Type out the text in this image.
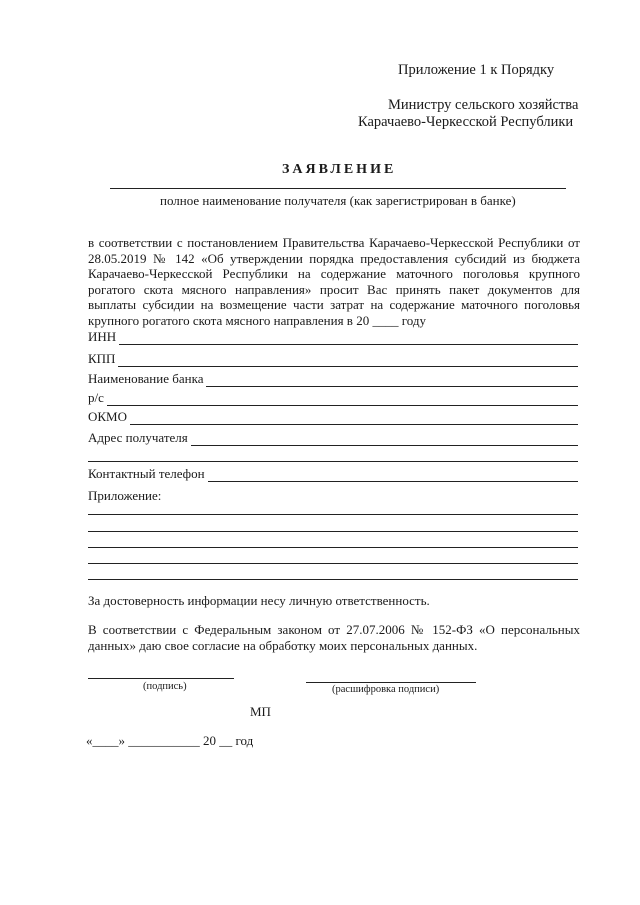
Приложение 1 к Порядку
Министру сельского хозяйства
Карачаево-Черкесской Республики
ЗАЯВЛЕНИЕ
полное наименование получателя (как зарегистрирован в банке)

в соответствии с постановлением Правительства Карачаево-Черкесской Республики от 28.05.2019 № 142 «Об утверждении порядка предоставления субсидий из бюджета Карачаево-Черкесской Республики на содержание маточного поголовья крупного рогатого скота мясного направления» просит Вас принять пакет документов для выплаты субсидии на возмещение части затрат на содержание маточного поголовья крупного рогатого скота мясного направления в 20 ____ году

ИНН
КПП
Наименование банка
р/с
ОКМО
Адрес получателя
Контактный телефон
Приложение:
За достоверность информации несу личную ответственность.
В соответствии с Федеральным законом от 27.07.2006 № 152-ФЗ «О персональных данных» даю свое согласие на обработку моих персональных данных.
(подпись)	(расшифровка подписи)
МП
«____» ___________ 20 __ год
